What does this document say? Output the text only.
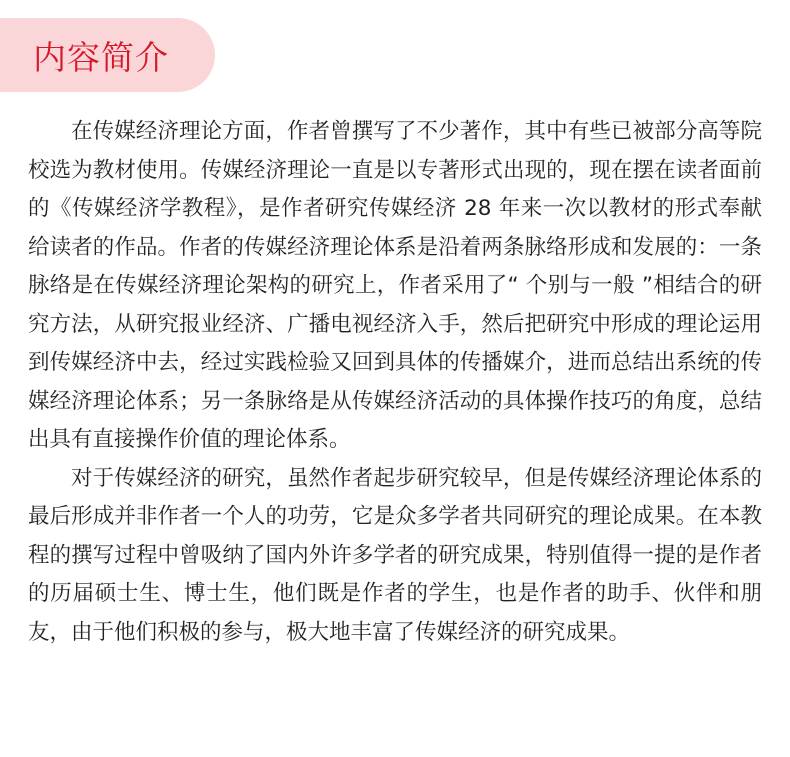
内容简介

在传媒经济理论方面，作者曾撰写了不少著作，其中有些已被部分高等院校选为教材使用。传媒经济理论一直是以专著形式出现的，现在摆在读者面前的《传媒经济学教程》，是作者研究传媒经济 28 年来一次以教材的形式奉献给读者的作品。作者的传媒经济理论体系是沿着两条脉络形成和发展的：一条脉络是在传媒经济理论架构的研究上，作者采用了“ 个别与一般 ”相结合的研究方法，从研究报业经济、广播电视经济入手，然后把研究中形成的理论运用到传媒经济中去，经过实践检验又回到具体的传播媒介，进而总结出系统的传媒经济理论体系；另一条脉络是从传媒经济活动的具体操作技巧的角度，总结出具有直接操作价值的理论体系。

对于传媒经济的研究，虽然作者起步研究较早，但是传媒经济理论体系的最后形成并非作者一个人的功劳，它是众多学者共同研究的理论成果。在本教程的撰写过程中曾吸纳了国内外许多学者的研究成果，特别值得一提的是作者的历届硕士生、博士生，他们既是作者的学生，也是作者的助手、伙伴和朋友，由于他们积极的参与，极大地丰富了传媒经济的研究成果。
